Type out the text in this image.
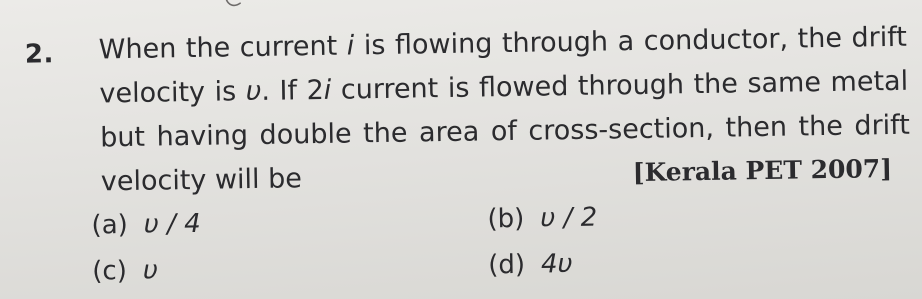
2. When the current i is flowing through a conductor, the drift
velocity is υ. If 2i current is flowed through the same metal
but having double the area of cross-section, then the drift
velocity will be	[Kerala PET 2007]
(a) υ / 4	(b) υ / 2
(c) υ	(d) 4υ
